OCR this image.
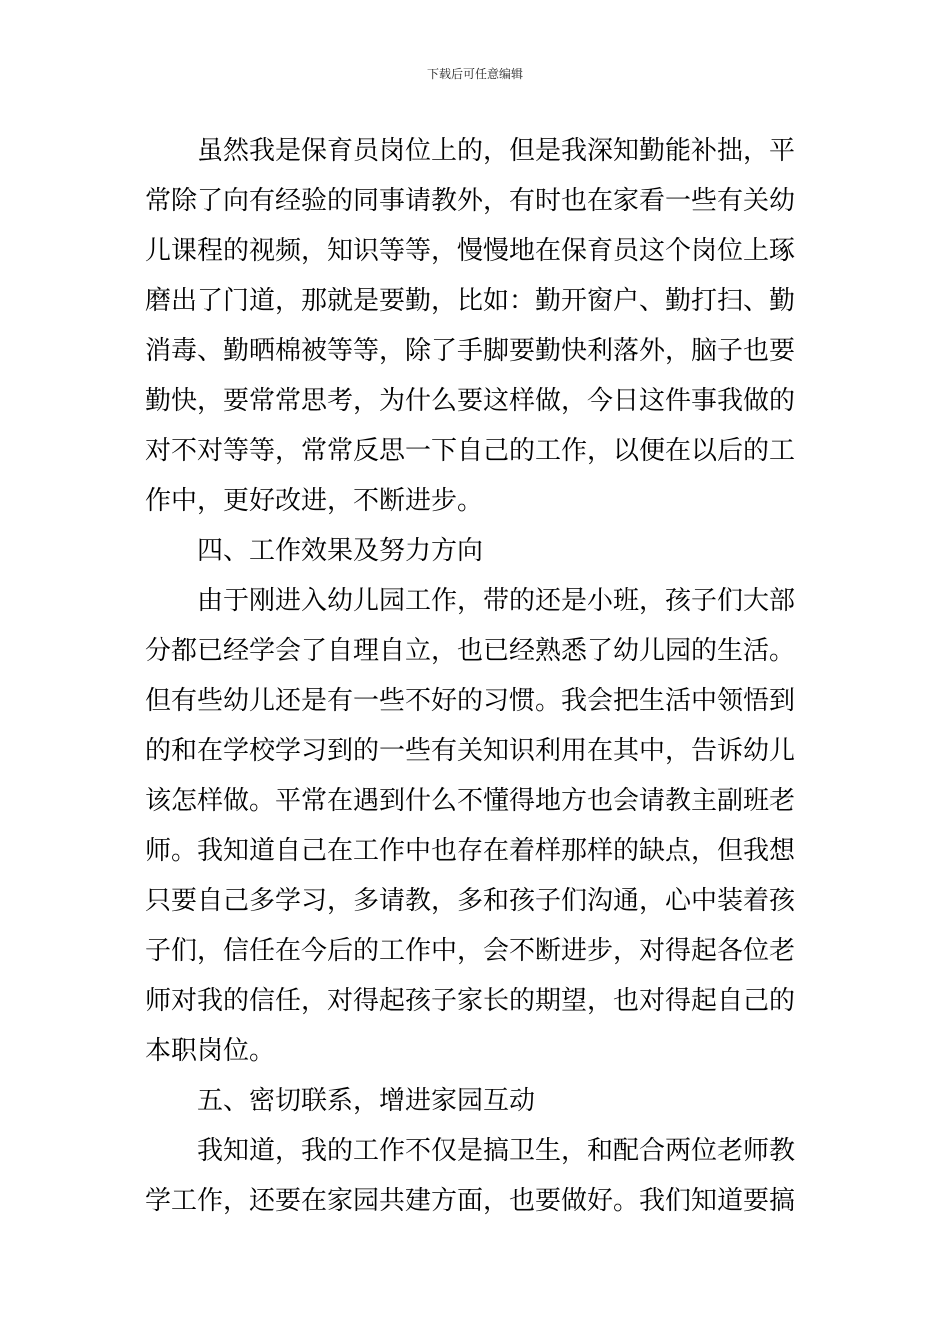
下载后可任意编辑
虽然我是保育员岗位上的，但是我深知勤能补拙，平
常除了向有经验的同事请教外，有时也在家看一些有关幼
儿课程的视频，知识等等，慢慢地在保育员这个岗位上琢
磨出了门道，那就是要勤，比如：勤开窗户、勤打扫、勤
消毒、勤晒棉被等等，除了手脚要勤快利落外，脑子也要
勤快，要常常思考，为什么要这样做，今日这件事我做的
对不对等等，常常反思一下自己的工作，以便在以后的工
作中，更好改进，不断进步。
四、工作效果及努力方向
由于刚进入幼儿园工作，带的还是小班，孩子们大部
分都已经学会了自理自立，也已经熟悉了幼儿园的生活。
但有些幼儿还是有一些不好的习惯。我会把生活中领悟到
的和在学校学习到的一些有关知识利用在其中，告诉幼儿
该怎样做。平常在遇到什么不懂得地方也会请教主副班老
师。我知道自己在工作中也存在着样那样的缺点，但我想
只要自己多学习，多请教，多和孩子们沟通，心中装着孩
子们，信任在今后的工作中，会不断进步，对得起各位老
师对我的信任，对得起孩子家长的期望，也对得起自己的
本职岗位。
五、密切联系，增进家园互动
我知道，我的工作不仅是搞卫生，和配合两位老师教
学工作，还要在家园共建方面，也要做好。我们知道要搞
